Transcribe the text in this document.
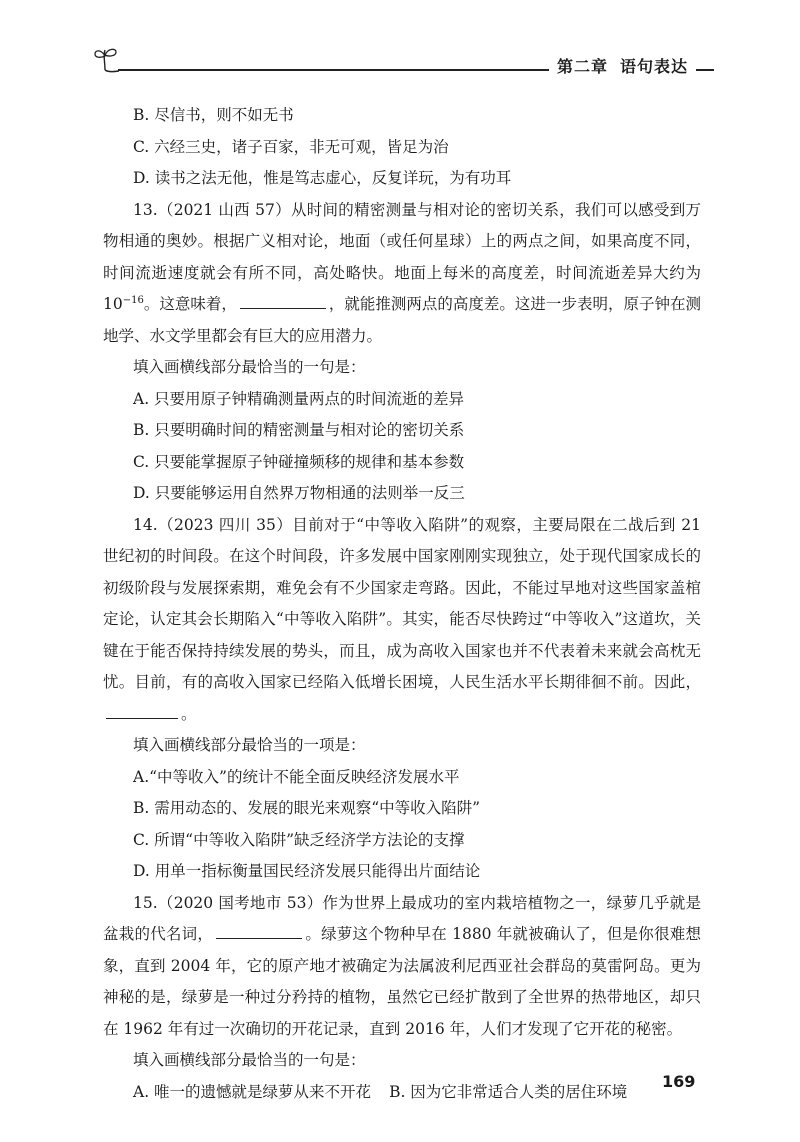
第二章 语句表达

B. 尽信书，则不如无书

C. 六经三史，诸子百家，非无可观，皆足为治

D. 读书之法无他，惟是笃志虚心，反复详玩，为有功耳

13.（2021 山西 57）从时间的精密测量与相对论的密切关系，我们可以感受到万物相通的奥妙。根据广义相对论，地面（或任何星球）上的两点之间，如果高度不同，时间流逝速度就会有所不同，高处略快。地面上每米的高度差，时间流逝差异大约为 $10^{-16}$。这意味着，	，就能推测两点的高度差。这进一步表明，原子钟在测地学、水文学里都会有巨大的应用潜力。

填入画横线部分最恰当的一句是：

A. 只要用原子钟精确测量两点的时间流逝的差异

B. 只要明确时间的精密测量与相对论的密切关系

C. 只要能掌握原子钟碰撞频移的规律和基本参数

D. 只要能够运用自然界万物相通的法则举一反三

14.（2023 四川 35）目前对于“中等收入陷阱”的观察，主要局限在二战后到 21 世纪初的时间段。在这个时间段，许多发展中国家刚刚实现独立，处于现代国家成长的初级阶段与发展探索期，难免会有不少国家走弯路。因此，不能过早地对这些国家盖棺定论，认定其会长期陷入“中等收入陷阱”。其实，能否尽快跨过“中等收入”这道坎，关键在于能否保持持续发展的势头，而且，成为高收入国家也并不代表着未来就会高枕无忧。目前，有的高收入国家已经陷入低增长困境，人民生活水平长期徘徊不前。因此，。

填入画横线部分最恰当的一项是：

A.“中等收入”的统计不能全面反映经济发展水平

B. 需用动态的、发展的眼光来观察“中等收入陷阱”

C. 所谓“中等收入陷阱”缺乏经济学方法论的支撑

D. 用单一指标衡量国民经济发展只能得出片面结论

15.（2020 国考地市 53）作为世界上最成功的室内栽培植物之一，绿萝几乎就是盆栽的代名词，	。绿萝这个物种早在 1880 年就被确认了，但是你很难想象，直到 2004 年，它的原产地才被确定为法属波利尼西亚社会群岛的莫雷阿岛。更为神秘的是，绿萝是一种过分矜持的植物，虽然它已经扩散到了全世界的热带地区，却只在 1962 年有过一次确切的开花记录，直到 2016 年，人们才发现了它开花的秘密。

填入画横线部分最恰当的一句是：

A. 唯一的遗憾就是绿萝从来不开花 B. 因为它非常适合人类的居住环境

169
